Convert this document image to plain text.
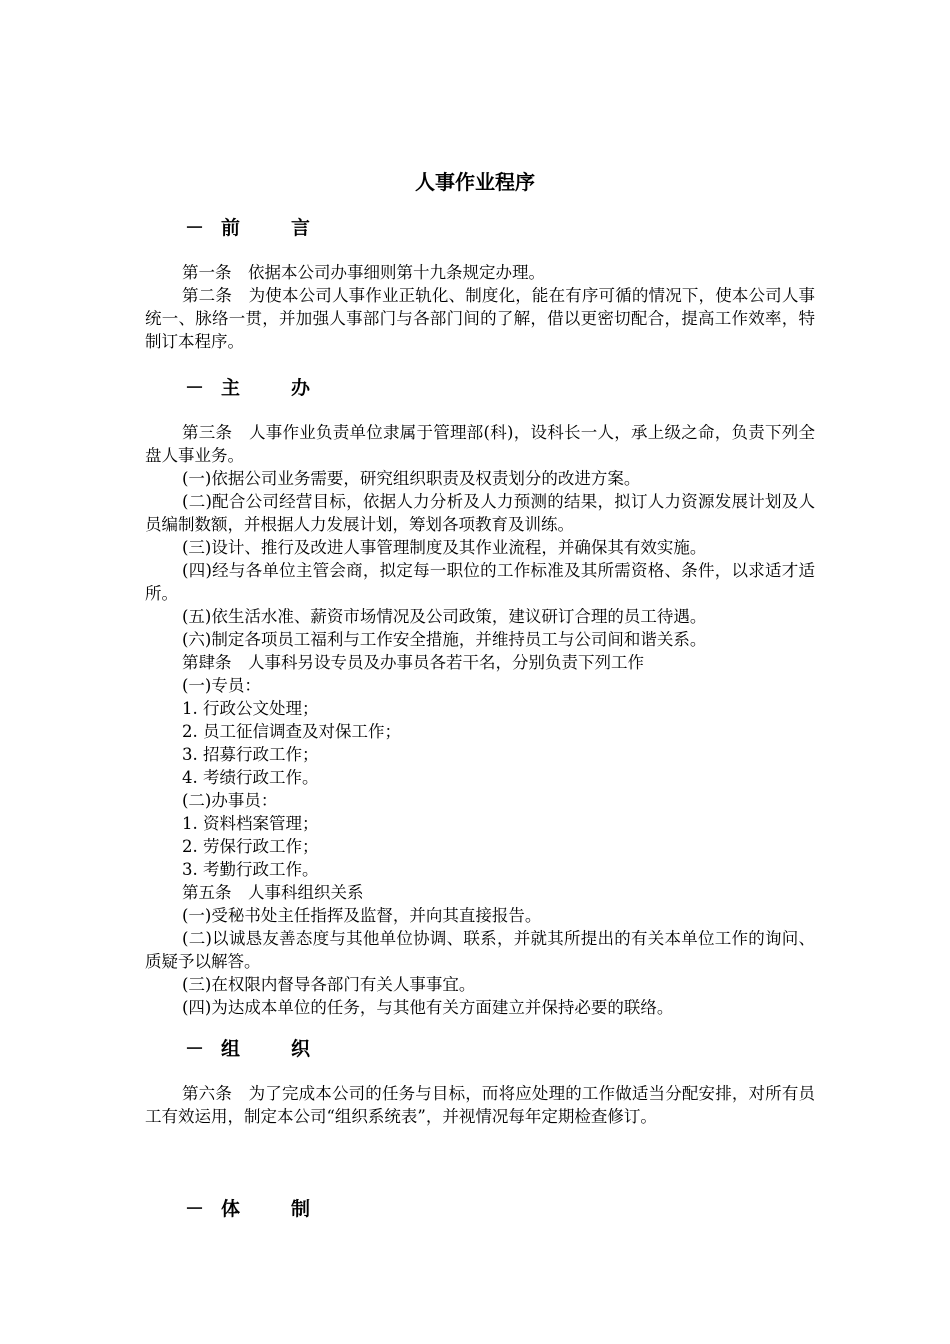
人事作业程序
－ 前	言

第一条　依据本公司办事细则第十九条规定办理。

第二条　为使本公司人事作业正轨化、制度化，能在有序可循的情况下，使本公司人事统一、脉络一贯，并加强人事部门与各部门间的了解，借以更密切配合，提高工作效率，特制订本程序。

－ 主	办

第三条　人事作业负责单位隶属于管理部(科)，设科长一人，承上级之命，负责下列全盘人事业务。

(一)依据公司业务需要，研究组织职责及权责划分的改进方案。

(二)配合公司经营目标，依据人力分析及人力预测的结果，拟订人力资源发展计划及人员编制数额，并根据人力发展计划，筹划各项教育及训练。

(三)设计、推行及改进人事管理制度及其作业流程，并确保其有效实施。

(四)经与各单位主管会商，拟定每一职位的工作标准及其所需资格、条件，以求适才适所。

(五)依生活水准、薪资市场情况及公司政策，建议研订合理的员工待遇。

(六)制定各项员工福利与工作安全措施，并维持员工与公司间和谐关系。

第肆条　人事科另设专员及办事员各若干名，分别负责下列工作

(一)专员：

1. 行政公文处理；

2. 员工征信调查及对保工作；

3. 招募行政工作；

4. 考绩行政工作。

(二)办事员：

1. 资料档案管理；

2. 劳保行政工作；

3. 考勤行政工作。

第五条　人事科组织关系

(一)受秘书处主任指挥及监督，并向其直接报告。

(二)以诚恳友善态度与其他单位协调、联系，并就其所提出的有关本单位工作的询问、质疑予以解答。

(三)在权限内督导各部门有关人事事宜。

(四)为达成本单位的任务，与其他有关方面建立并保持必要的联络。

－ 组	织

第六条　为了完成本公司的任务与目标，而将应处理的工作做适当分配安排，对所有员工有效运用，制定本公司“组织系统表”，并视情况每年定期检查修订。

－ 体	制
